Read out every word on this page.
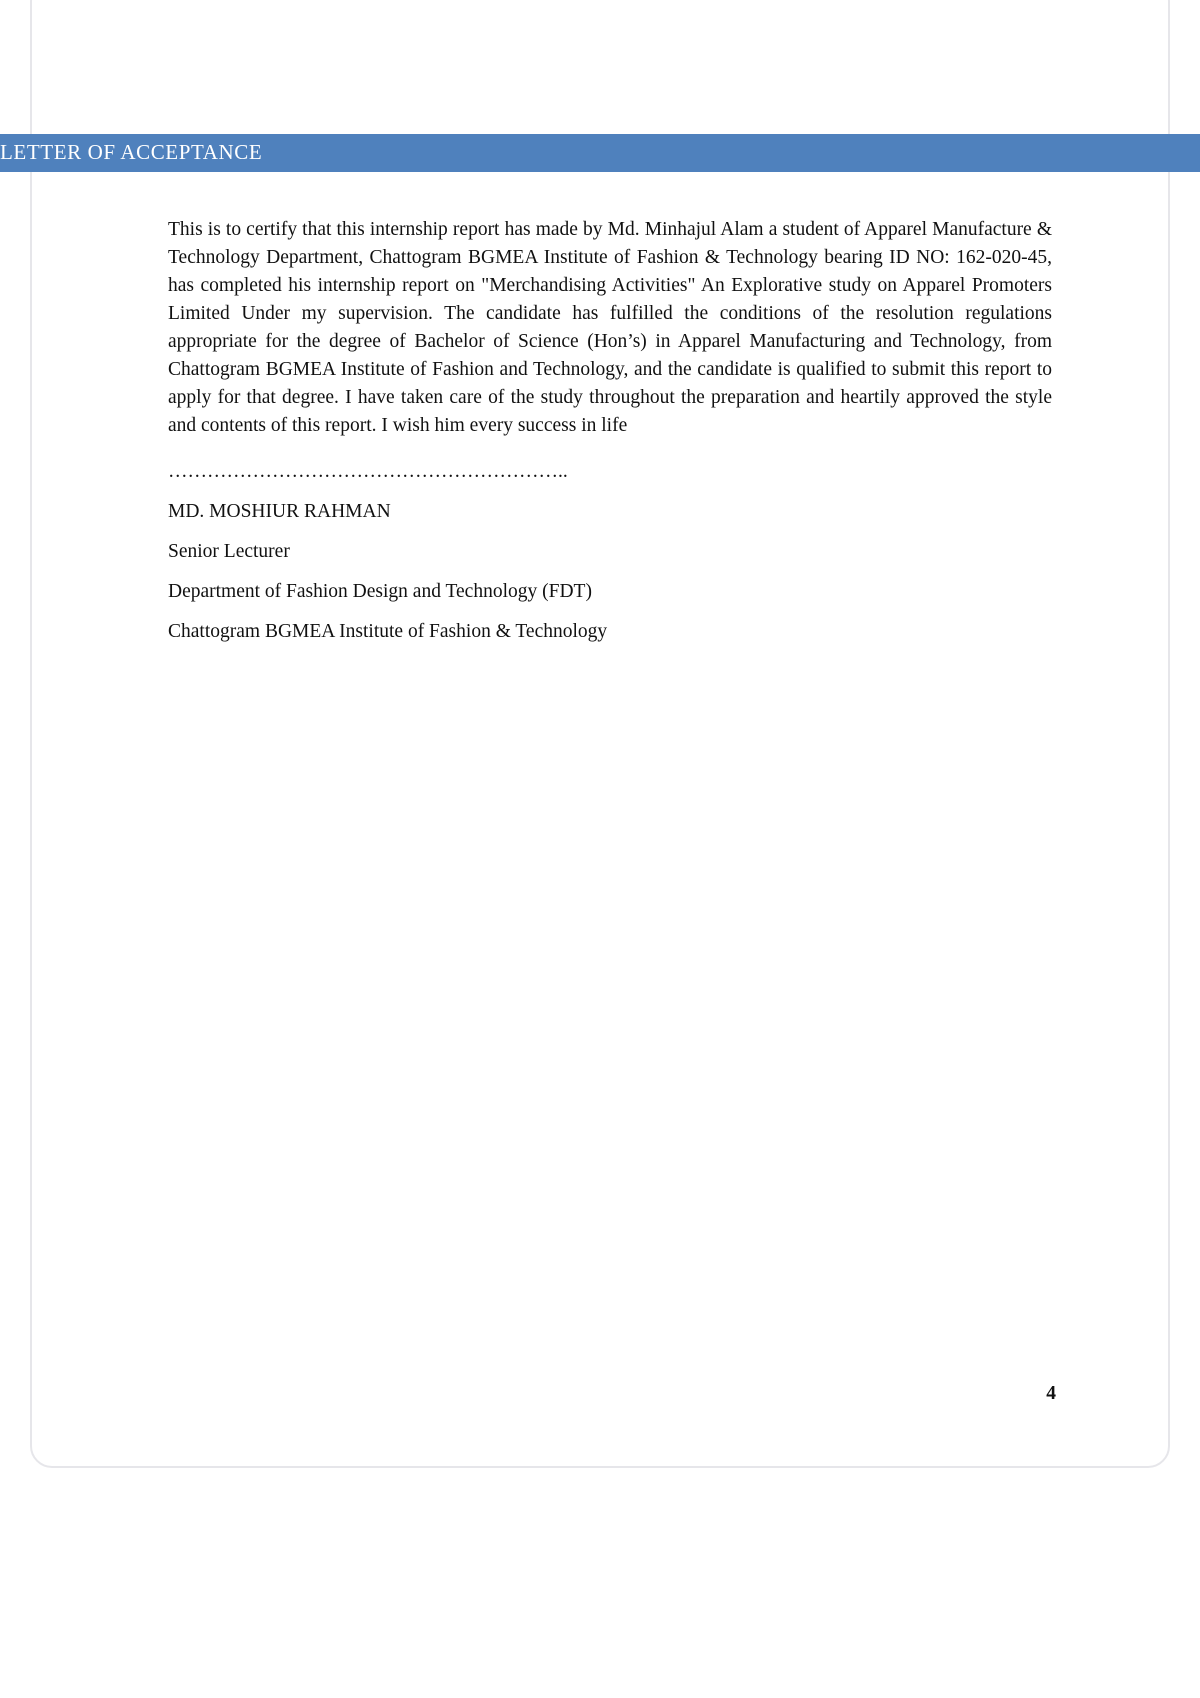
LETTER OF ACCEPTANCE

This is to certify that this internship report has made by Md. Minhajul Alam a student of Apparel Manufacture & Technology Department, Chattogram BGMEA Institute of Fashion & Technology bearing ID NO: 162-020-45, has completed his internship report on "Merchandising Activities" An Explorative study on Apparel Promoters Limited Under my supervision. The candidate has fulfilled the conditions of the resolution regulations appropriate for the degree of Bachelor of Science (Hon’s) in Apparel Manufacturing and Technology, from Chattogram BGMEA Institute of Fashion and Technology, and the candidate is qualified to submit this report to apply for that degree. I have taken care of the study throughout the preparation and heartily approved the style and contents of this report. I wish him every success in life

……………………………………………………..
MD. MOSHIUR RAHMAN
Senior Lecturer
Department of Fashion Design and Technology (FDT)
Chattogram BGMEA Institute of Fashion & Technology
4
